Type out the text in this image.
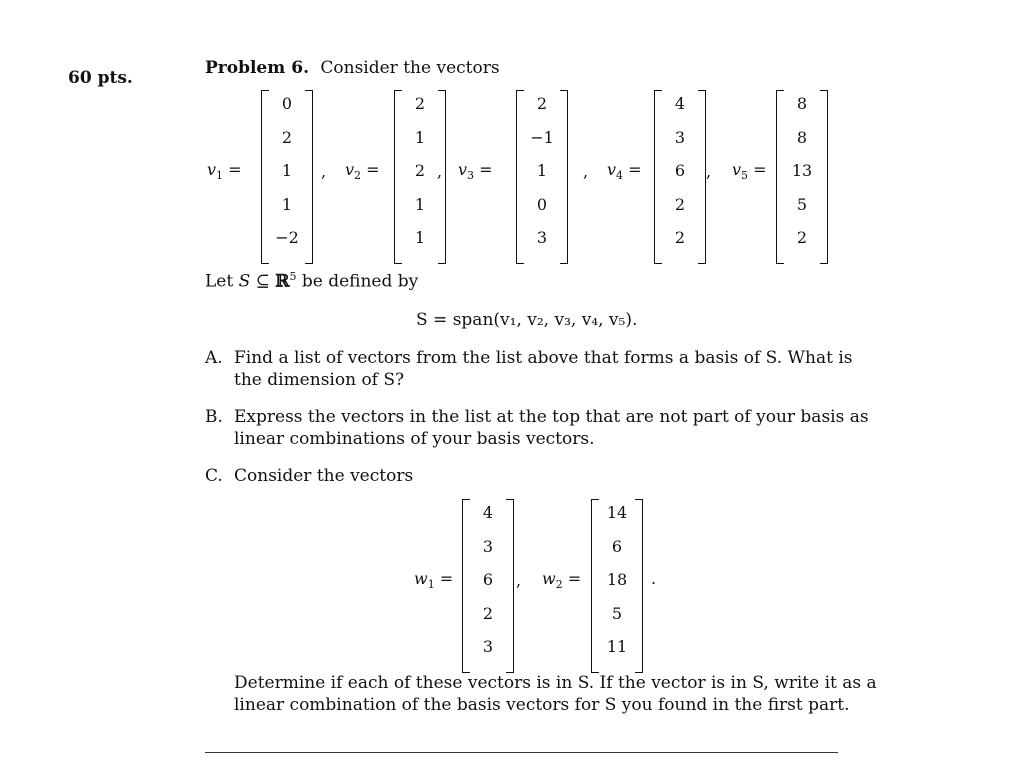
60 pts.	Problem 6. Consider the vectors
$v_1$ =
0
2
1
1
−2
, $v_2$ =
2
1
2
1
1
, $v_3$ =
2
−1
1
0
3
, $v_4$ =
4
3
6
2
2
, $v_5$ =
8
8
13
5
2
Let S ⊆ ℝ$^5$ be defined by
S = span(v₁, v₂, v₃, v₄, v₅).
A. Find a list of vectors from the list above that forms a basis of S. What is
the dimension of S?
B. Express the vectors in the list at the top that are not part of your basis as
linear combinations of your basis vectors.
C. Consider the vectors
$w_1$ =
4
3
6
2
3
, $w_2$ =
14
6
18
5
11
.
Determine if each of these vectors is in S. If the vector is in S, write it as a
linear combination of the basis vectors for S you found in the first part.
